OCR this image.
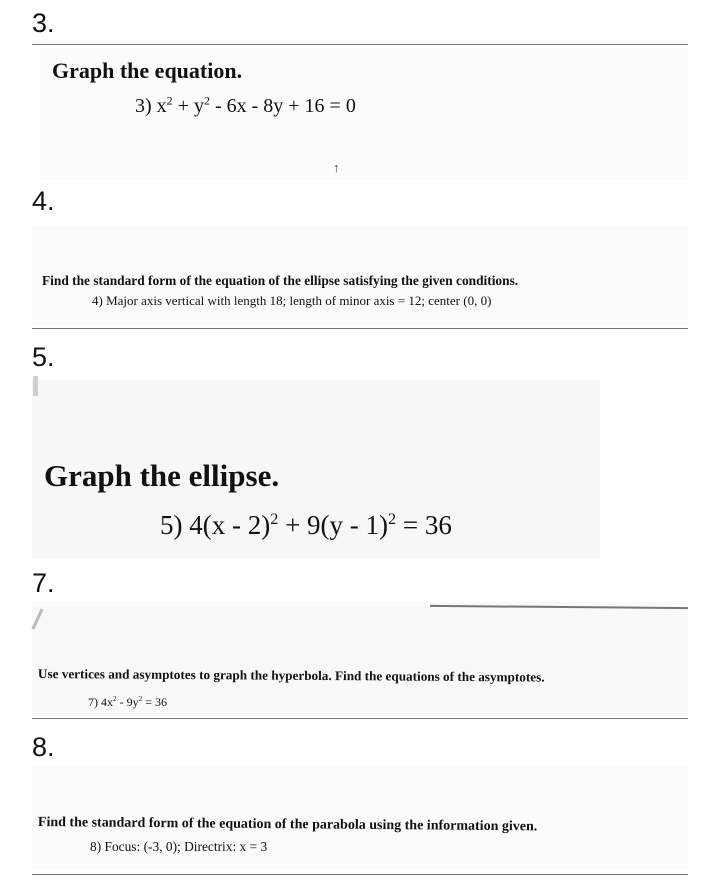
3.
Graph the equation.
3) $x^2 + y^2 - 6x - 8y + 16 = 0$
↑
4.
Find the standard form of the equation of the ellipse satisfying the given conditions.
4) Major axis vertical with length 18; length of minor axis = 12; center (0, 0)
5.
Graph the ellipse.
5) 4(x - 2)$^2$ + 9(y - 1)$^2$ = 36
7.
Use vertices and asymptotes to graph the hyperbola. Find the equations of the asymptotes.
7) $4x^2 - 9y^2 = 36$
8.
Find the standard form of the equation of the parabola using the information given.
8) Focus: (-3, 0); Directrix: x = 3
